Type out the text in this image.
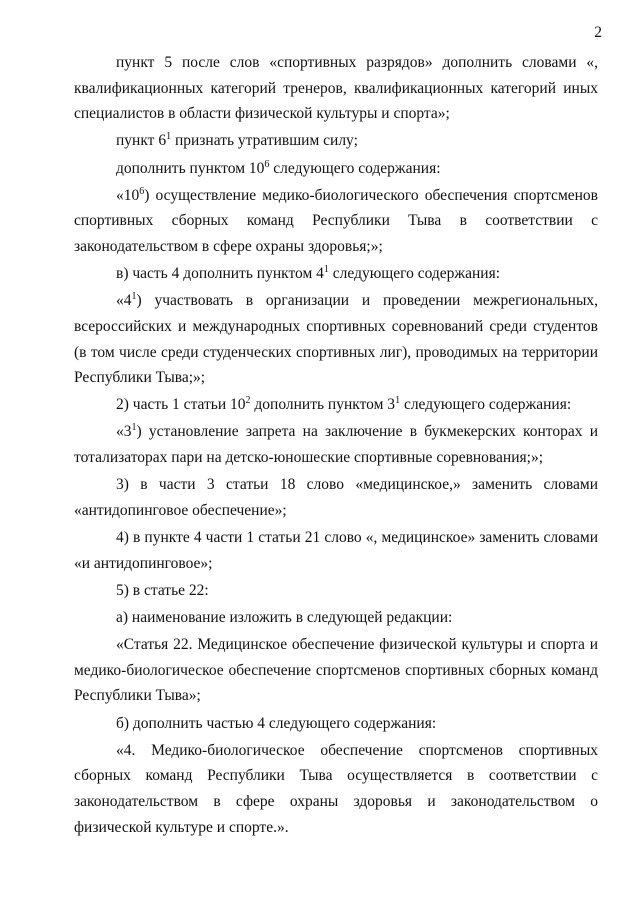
2

пункт 5 после слов «спортивных разрядов» дополнить словами «, квалификационных категорий тренеров, квалификационных категорий иных специалистов в области физической культуры и спорта»;

пункт $6^1$ признать утратившим силу;

дополнить пунктом $10^6$ следующего содержания:

«$10^6$) осуществление медико-биологического обеспечения спортсменов спортивных сборных команд Республики Тыва в соответствии с законодательством в сфере охраны здоровья;»;

в) часть 4 дополнить пунктом $4^1$ следующего содержания:

«$4^1$) участвовать в организации и проведении межрегиональных, всероссийских и международных спортивных соревнований среди студентов (в том числе среди студенческих спортивных лиг), проводимых на территории Республики Тыва;»;

2) часть 1 статьи $10^2$ дополнить пунктом $3^1$ следующего содержания:

«$3^1$) установление запрета на заключение в букмекерских конторах и тотализаторах пари на детско-юношеские спортивные соревнования;»;

3) в части 3 статьи 18 слово «медицинское,» заменить словами «антидопинговое обеспечение»;

4) в пункте 4 части 1 статьи 21 слово «, медицинское» заменить словами «и антидопинговое»;

5) в статье 22:

а) наименование изложить в следующей редакции:

«Статья 22. Медицинское обеспечение физической культуры и спорта и медико-биологическое обеспечение спортсменов спортивных сборных команд Республики Тыва»;

б) дополнить частью 4 следующего содержания:

«4. Медико-биологическое обеспечение спортсменов спортивных сборных команд Республики Тыва осуществляется в соответствии с законодательством в сфере охраны здоровья и законодательством о физической культуре и спорте.».
